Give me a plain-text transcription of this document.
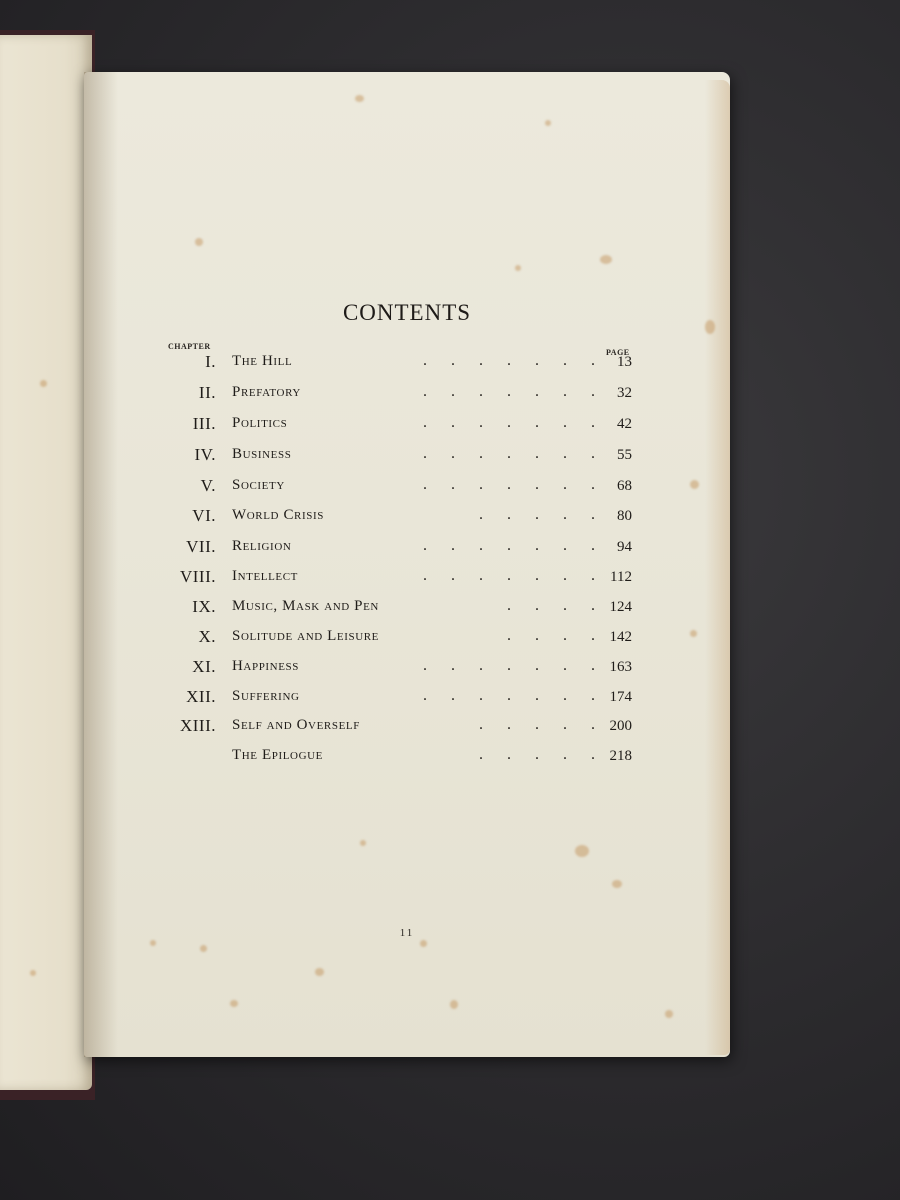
CONTENTS
CHAPTER
PAGE
I. The Hill	.      .      .      .      .      .      . 13
II. Prefatory	.      .      .      .      .      .      . 32
III. Politics	.      .      .      .      .      .      . 42
IV. Business	.      .      .      .      .      .      . 55
V. Society	.      .      .      .      .      .      . 68
VI. World Crisis	.      .      .      .      . 80
VII. Religion	.      .      .      .      .      .      . 94
VIII. Intellect	.      .      .      .      .      .      . 112
IX. Music, Mask and Pen	.      .      .      . 124
X. Solitude and Leisure	.      .      .      . 142
XI. Happiness	.      .      .      .      .      .      . 163
XII. Suffering	.      .      .      .      .      .      . 174
XIII. Self and Overself	.      .      .      .      . 200
The Epilogue	.      .      .      .      . 218
11
